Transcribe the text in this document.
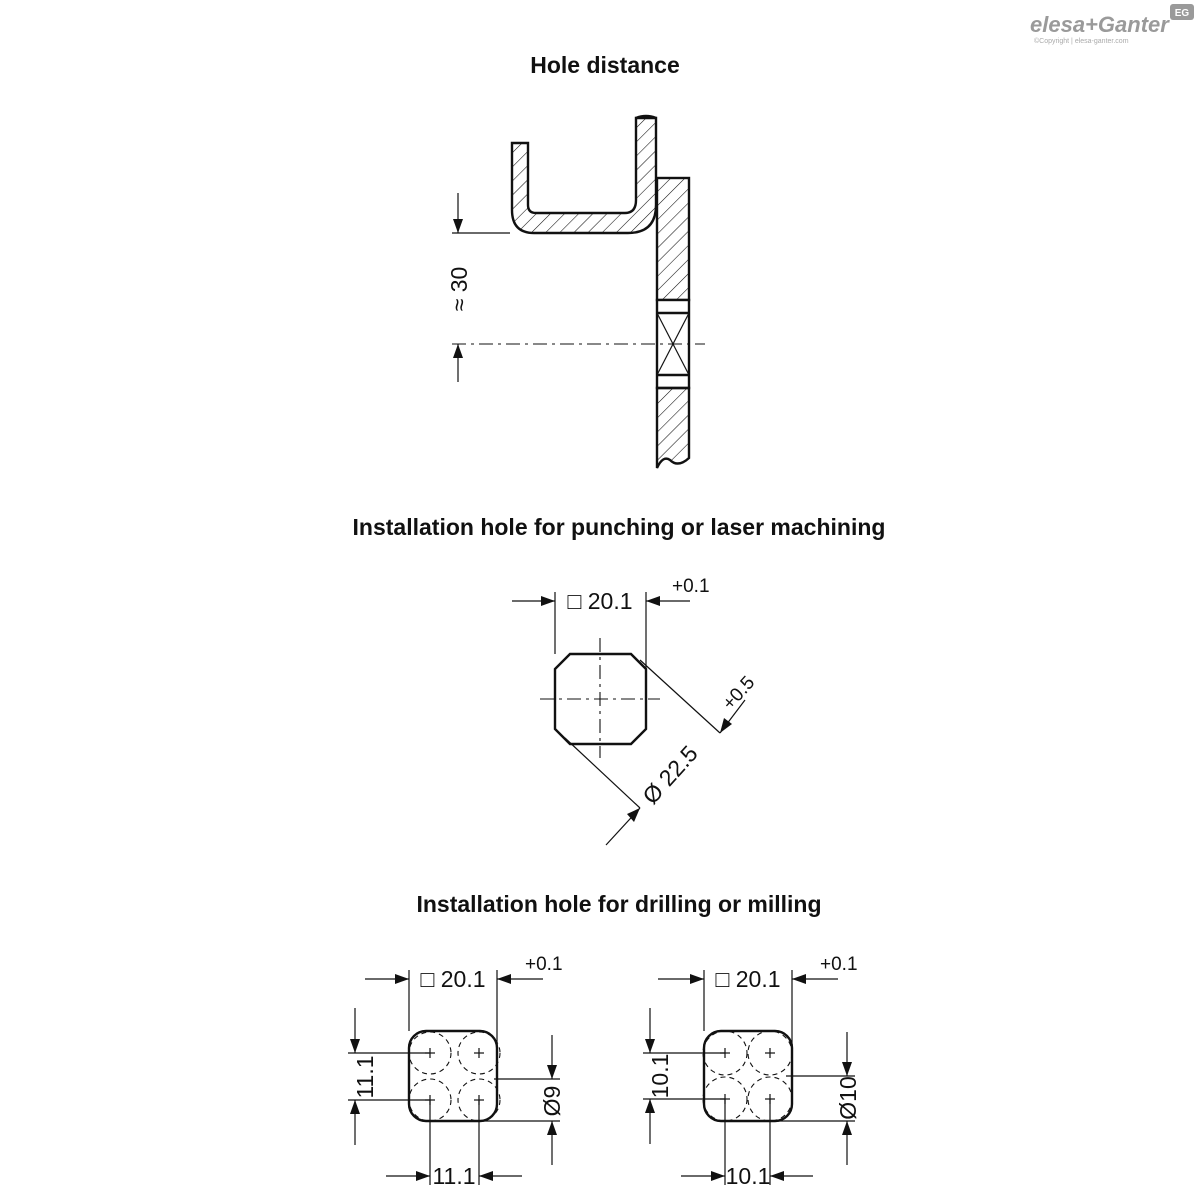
elesa+Ganter EG
©Copyright | elesa-ganter.com
Hole distance
≈ 30
Installation hole for punching or laser machining
□ 20.1
+0.1
Ø 22.5
+0.5
Installation hole for drilling or milling
□ 20.1
+0.1
11.1
11.1
Ø9
□ 20.1
+0.1
10.1
10.1
Ø10
